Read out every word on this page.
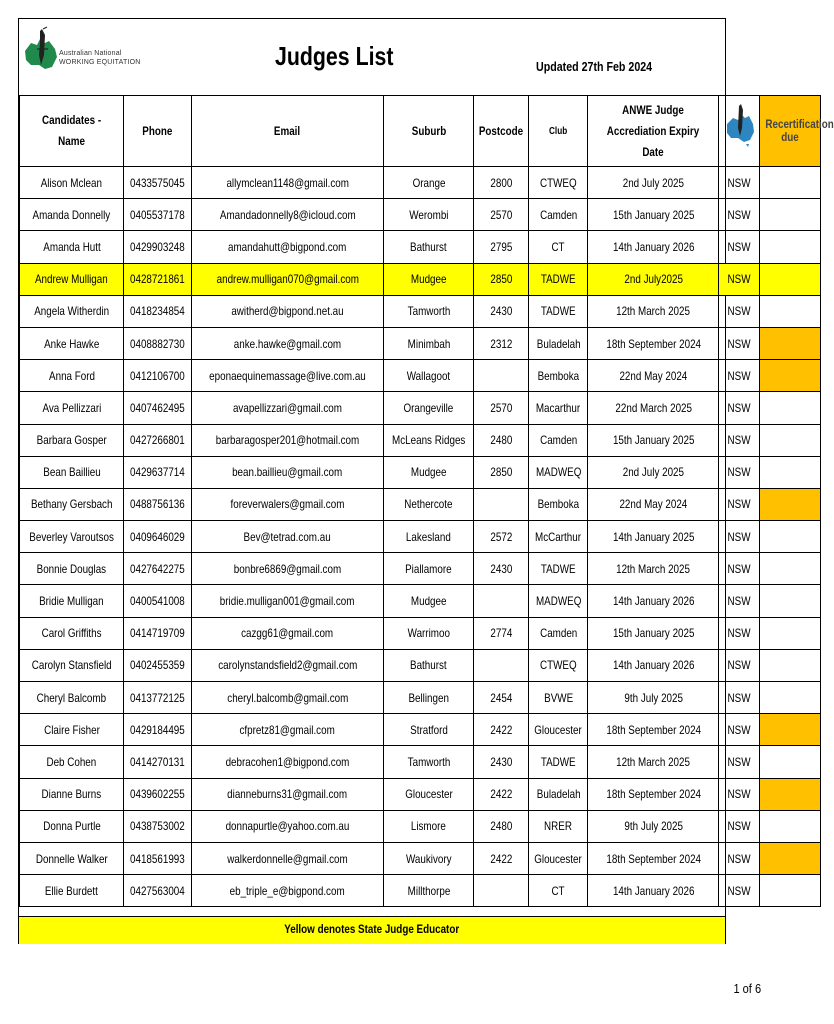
Australian National
WORKING EQUITATION	Judges List	Updated 27th Feb 2024
Candidates - Name	Phone	Email	Suburb	Postcode	Club	ANWE Judge Accrediation Expiry Date		Recertification due
Alison Mclean	0433575045	allymclean1148@gmail.com	Orange	2800	CTWEQ	2nd July 2025	NSW	
Amanda Donnelly	0405537178	Amandadonnelly8@icloud.com	Werombi	2570	Camden	15th January 2025	NSW	
Amanda Hutt	0429903248	amandahutt@bigpond.com	Bathurst	2795	CT	14th January 2026	NSW	
Andrew Mulligan	0428721861	andrew.mulligan070@gmail.com	Mudgee	2850	TADWE	2nd July2025	NSW	
Angela Witherdin	0418234854	awitherd@bigpond.net.au	Tamworth	2430	TADWE	12th March 2025	NSW	
Anke Hawke	0408882730	anke.hawke@gmail.com	Minimbah	2312	Buladelah	18th September 2024	NSW	
Anna Ford	0412106700	eponaequinemassage@live.com.au	Wallagoot		Bemboka	22nd May 2024	NSW	
Ava Pellizzari	0407462495	avapellizzari@gmail.com	Orangeville	2570	Macarthur	22nd March 2025	NSW	
Barbara Gosper	0427266801	barbaragosper201@hotmail.com	McLeans Ridges	2480	Camden	15th January 2025	NSW	
Bean Baillieu	0429637714	bean.baillieu@gmail.com	Mudgee	2850	MADWEQ	2nd July 2025	NSW	
Bethany Gersbach	0488756136	foreverwalers@gmail.com	Nethercote		Bemboka	22nd May 2024	NSW	
Beverley Varoutsos	0409646029	Bev@tetrad.com.au	Lakesland	2572	McCarthur	14th January 2025	NSW	
Bonnie Douglas	0427642275	bonbre6869@gmail.com	Piallamore	2430	TADWE	12th March 2025	NSW	
Bridie Mulligan	0400541008	bridie.mulligan001@gmail.com	Mudgee		MADWEQ	14th January 2026	NSW	
Carol Griffiths	0414719709	cazgg61@gmail.com	Warrimoo	2774	Camden	15th January 2025	NSW	
Carolyn Stansfield	0402455359	carolynstandsfield2@gmail.com	Bathurst		CTWEQ	14th January 2026	NSW	
Cheryl Balcomb	0413772125	cheryl.balcomb@gmail.com	Bellingen	2454	BVWE	9th July 2025	NSW	
Claire Fisher	0429184495	cfpretz81@gmail.com	Stratford	2422	Gloucester	18th September 2024	NSW	
Deb Cohen	0414270131	debracohen1@bigpond.com	Tamworth	2430	TADWE	12th March 2025	NSW	
Dianne Burns	0439602255	dianneburns31@gmail.com	Gloucester	2422	Buladelah	18th September 2024	NSW	
Donna Purtle	0438753002	donnapurtle@yahoo.com.au	Lismore	2480	NRER	9th July 2025	NSW	
Donnelle Walker	0418561993	walkerdonnelle@gmail.com	Waukivory	2422	Gloucester	18th September 2024	NSW	
Ellie Burdett	0427563004	eb_triple_e@bigpond.com	Millthorpe		CT	14th January 2026	NSW	
Yellow denotes State Judge Educator
1 of 6
